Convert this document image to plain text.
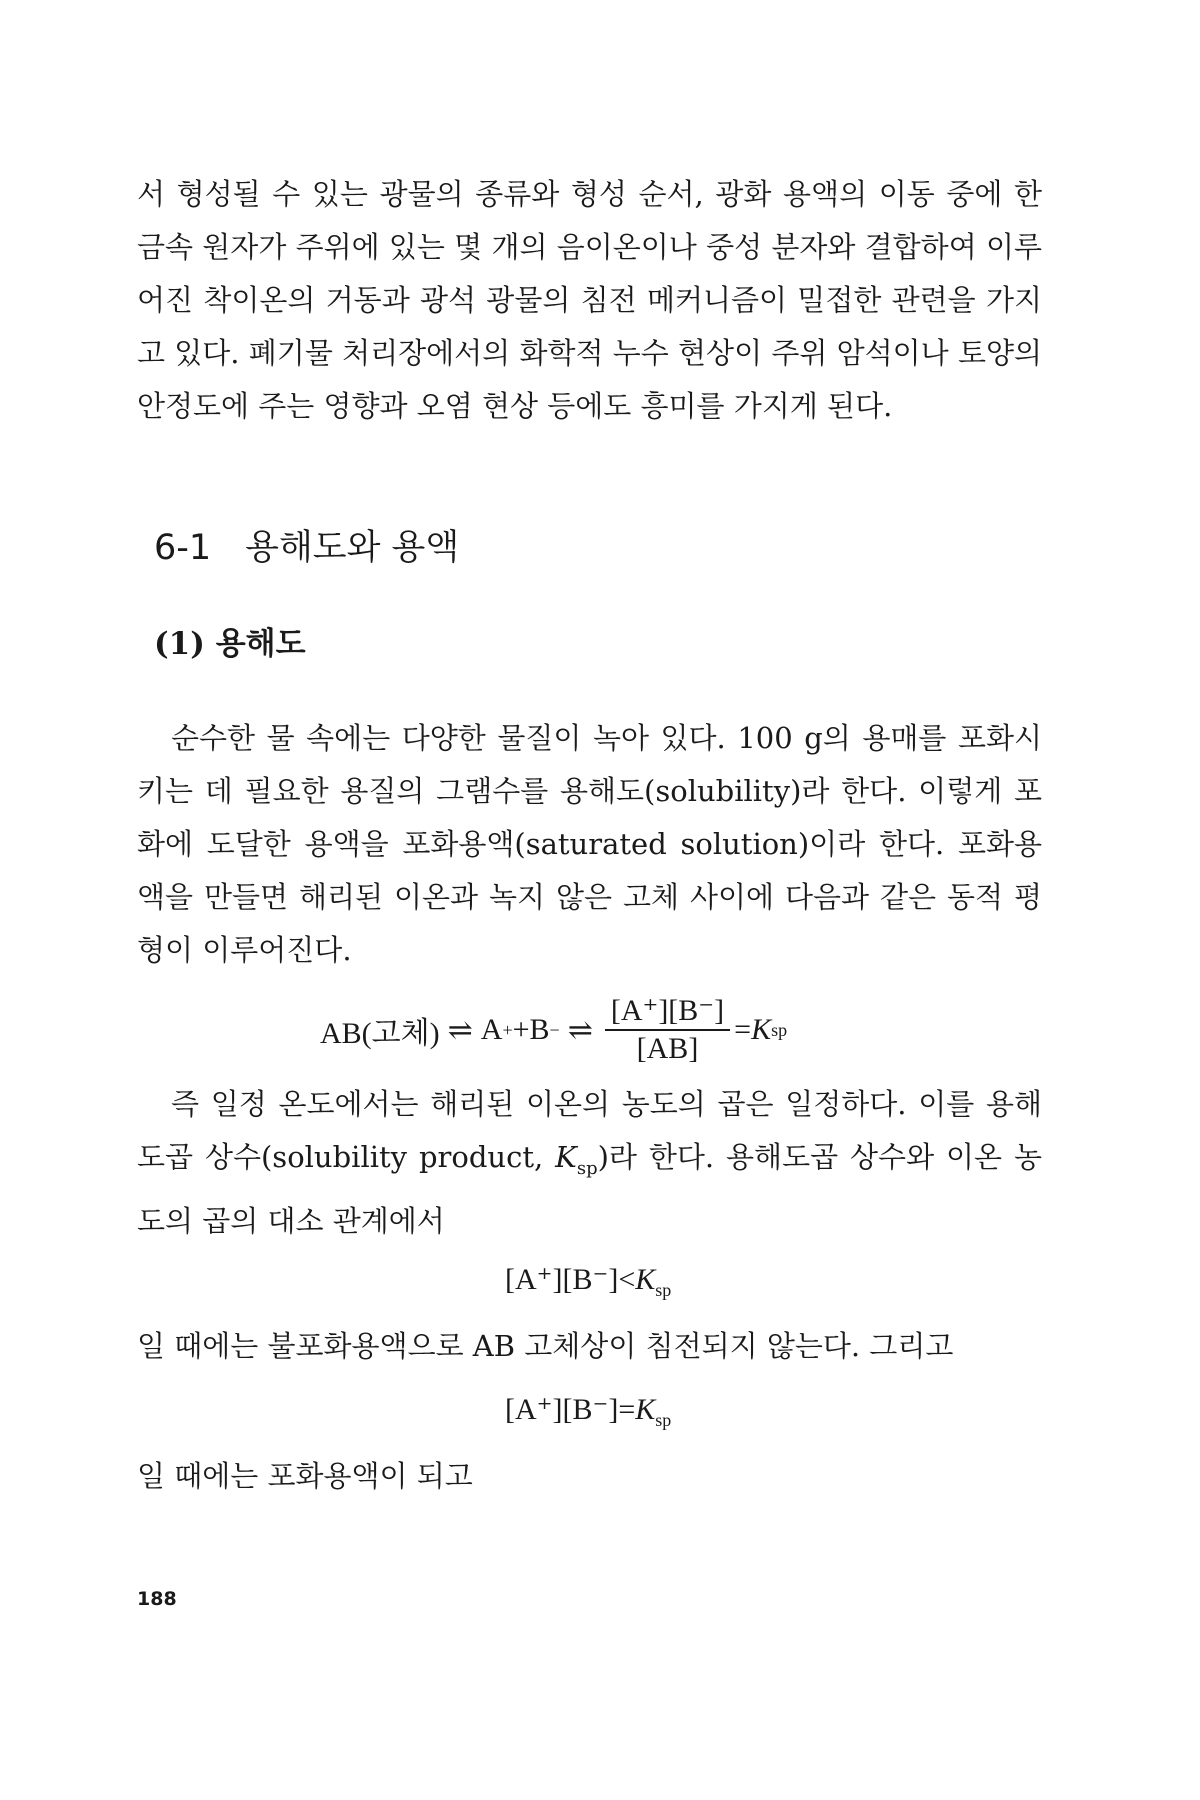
서 형성될 수 있는 광물의 종류와 형성 순서, 광화 용액의 이동 중에 한 금속 원자가 주위에 있는 몇 개의 음이온이나 중성 분자와 결합하여 이루어진 착이온의 거동과 광석 광물의 침전 메커니즘이 밀접한 관련을 가지고 있다. 폐기물 처리장에서의 화학적 누수 현상이 주위 암석이나 토양의 안정도에 주는 영향과 오염 현상 등에도 흥미를 가지게 된다.

6-1 용해도와 용액
(1) 용해도

순수한 물 속에는 다양한 물질이 녹아 있다. 100 g의 용매를 포화시키는 데 필요한 용질의 그램수를 용해도(solubility)라 한다. 이렇게 포화에 도달한 용액을 포화용액(saturated solution)이라 한다. 포화용액을 만들면 해리된 이온과 녹지 않은 고체 사이에 다음과 같은 동적 평형이 이루어진다.

AB(고체) ⇌ A + + B − ⇌ $\frac{[A^+][B^-]}{[AB]} = K$ sp

즉 일정 온도에서는 해리된 이온의 농도의 곱은 일정하다. 이를 용해도곱 상수(solubility product, $K_{sp}$)라 한다. 용해도곱 상수와 이온 농도의 곱의 대소 관계에서

$[A^+][B^-]<K_{sp}$

일 때에는 불포화용액으로 AB 고체상이 침전되지 않는다. 그리고

$[A^+][B^-]=K_{sp}$

일 때에는 포화용액이 되고

188
